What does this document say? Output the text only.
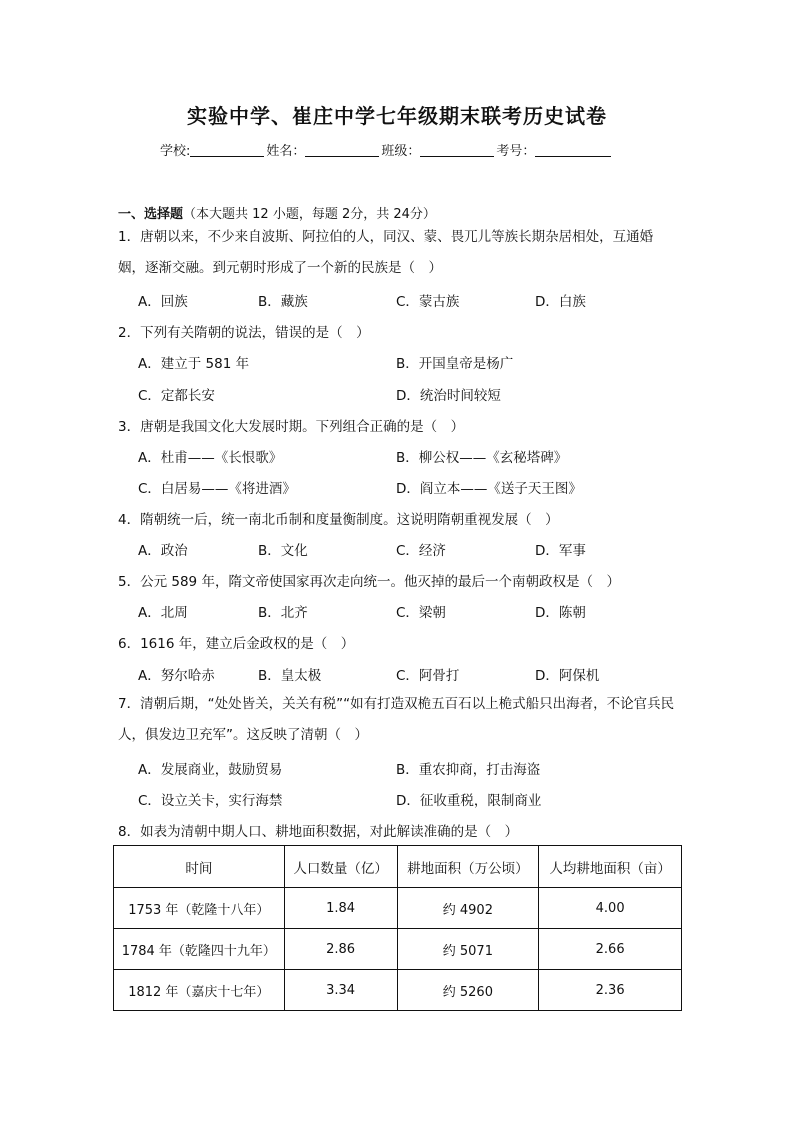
实验中学、崔庄中学七年级期末联考历史试卷
学校:	姓名：	班级：	考号：
一、选择题（本大题共 12 小题，每题 2分，共 24分）
1．唐朝以来，不少来自波斯、阿拉伯的人，同汉、蒙、畏兀儿等族长期杂居相处，互通婚姻，逐渐交融。到元朝时形成了一个新的民族是（　）
A．回族	B．藏族	C．蒙古族	D．白族
2．下列有关隋朝的说法，错误的是（　）
A．建立于 581 年	B．开国皇帝是杨广
C．定都长安	D．统治时间较短
3．唐朝是我国文化大发展时期。下列组合正确的是（　）
A．杜甫——《长恨歌》	B．柳公权——《玄秘塔碑》
C．白居易——《将进酒》	D．阎立本——《送子天王图》
4．隋朝统一后，统一南北币制和度量衡制度。这说明隋朝重视发展（　）
A．政治	B．文化	C．经济	D．军事
5．公元 589 年，隋文帝使国家再次走向统一。他灭掉的最后一个南朝政权是（　）
A．北周	B．北齐	C．梁朝	D．陈朝
6．1616 年，建立后金政权的是（　）
A．努尔哈赤	B．皇太极	C．阿骨打	D．阿保机
7．清朝后期，“处处皆关，关关有税”“如有打造双桅五百石以上桅式船只出海者，不论官兵民人，俱发边卫充军”。这反映了清朝（　）
A．发展商业，鼓励贸易	B．重农抑商，打击海盗
C．设立关卡，实行海禁	D．征收重税，限制商业
8．如表为清朝中期人口、耕地面积数据，对此解读准确的是（　）
时间	人口数量（亿）	耕地面积（万公顷）	人均耕地面积（亩）
1753 年（乾隆十八年）	1.84	约 4902	4.00
1784 年（乾隆四十九年）	2.86	约 5071	2.66
1812 年（嘉庆十七年）	3.34	约 5260	2.36
